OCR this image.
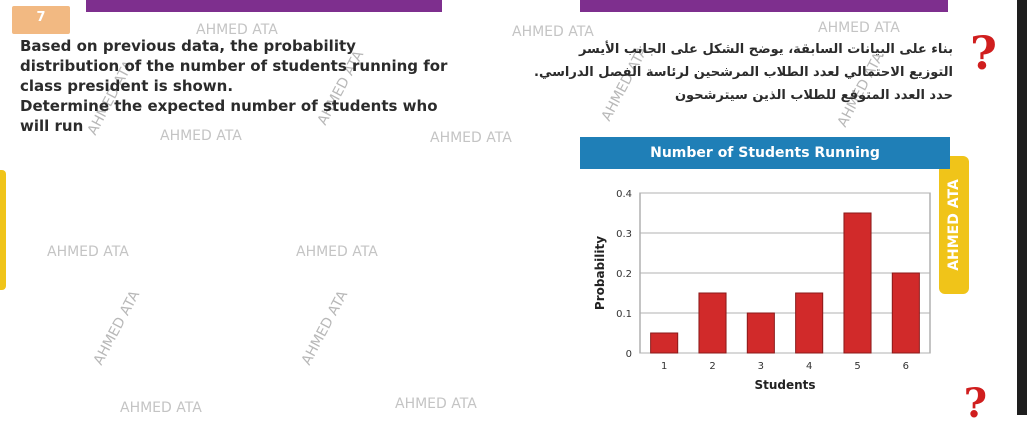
7
AHMED ATA	AHMED ATA	AHMED ATA
AHMED ATA	AHMED ATA
AHMED ATA	AHMED ATA
AHMED ATA	AHMED ATA
AHMED ATA	AHMED ATA
AHMED ATA
AHMED ATA	AHMED ATA	AHMED ATA

Based on previous data, the probability

distribution of the number of students running for

class president is shown.

Determine the expected number of students who

will run

بناء على البيانات السابقة، يوضح الشكل على الجانب الأيسر
التوزيع الاحتمالي لعدد الطلاب المرشحين لرئاسة الفصل الدراسي.
حدد العدد المتوقع للطلاب الذين سيترشحون
?
?
AHMED ATA
Number of Students Running
0
0.1
0.2
0.3
0.4
1	2	3	4	5	6
Students
Probability
